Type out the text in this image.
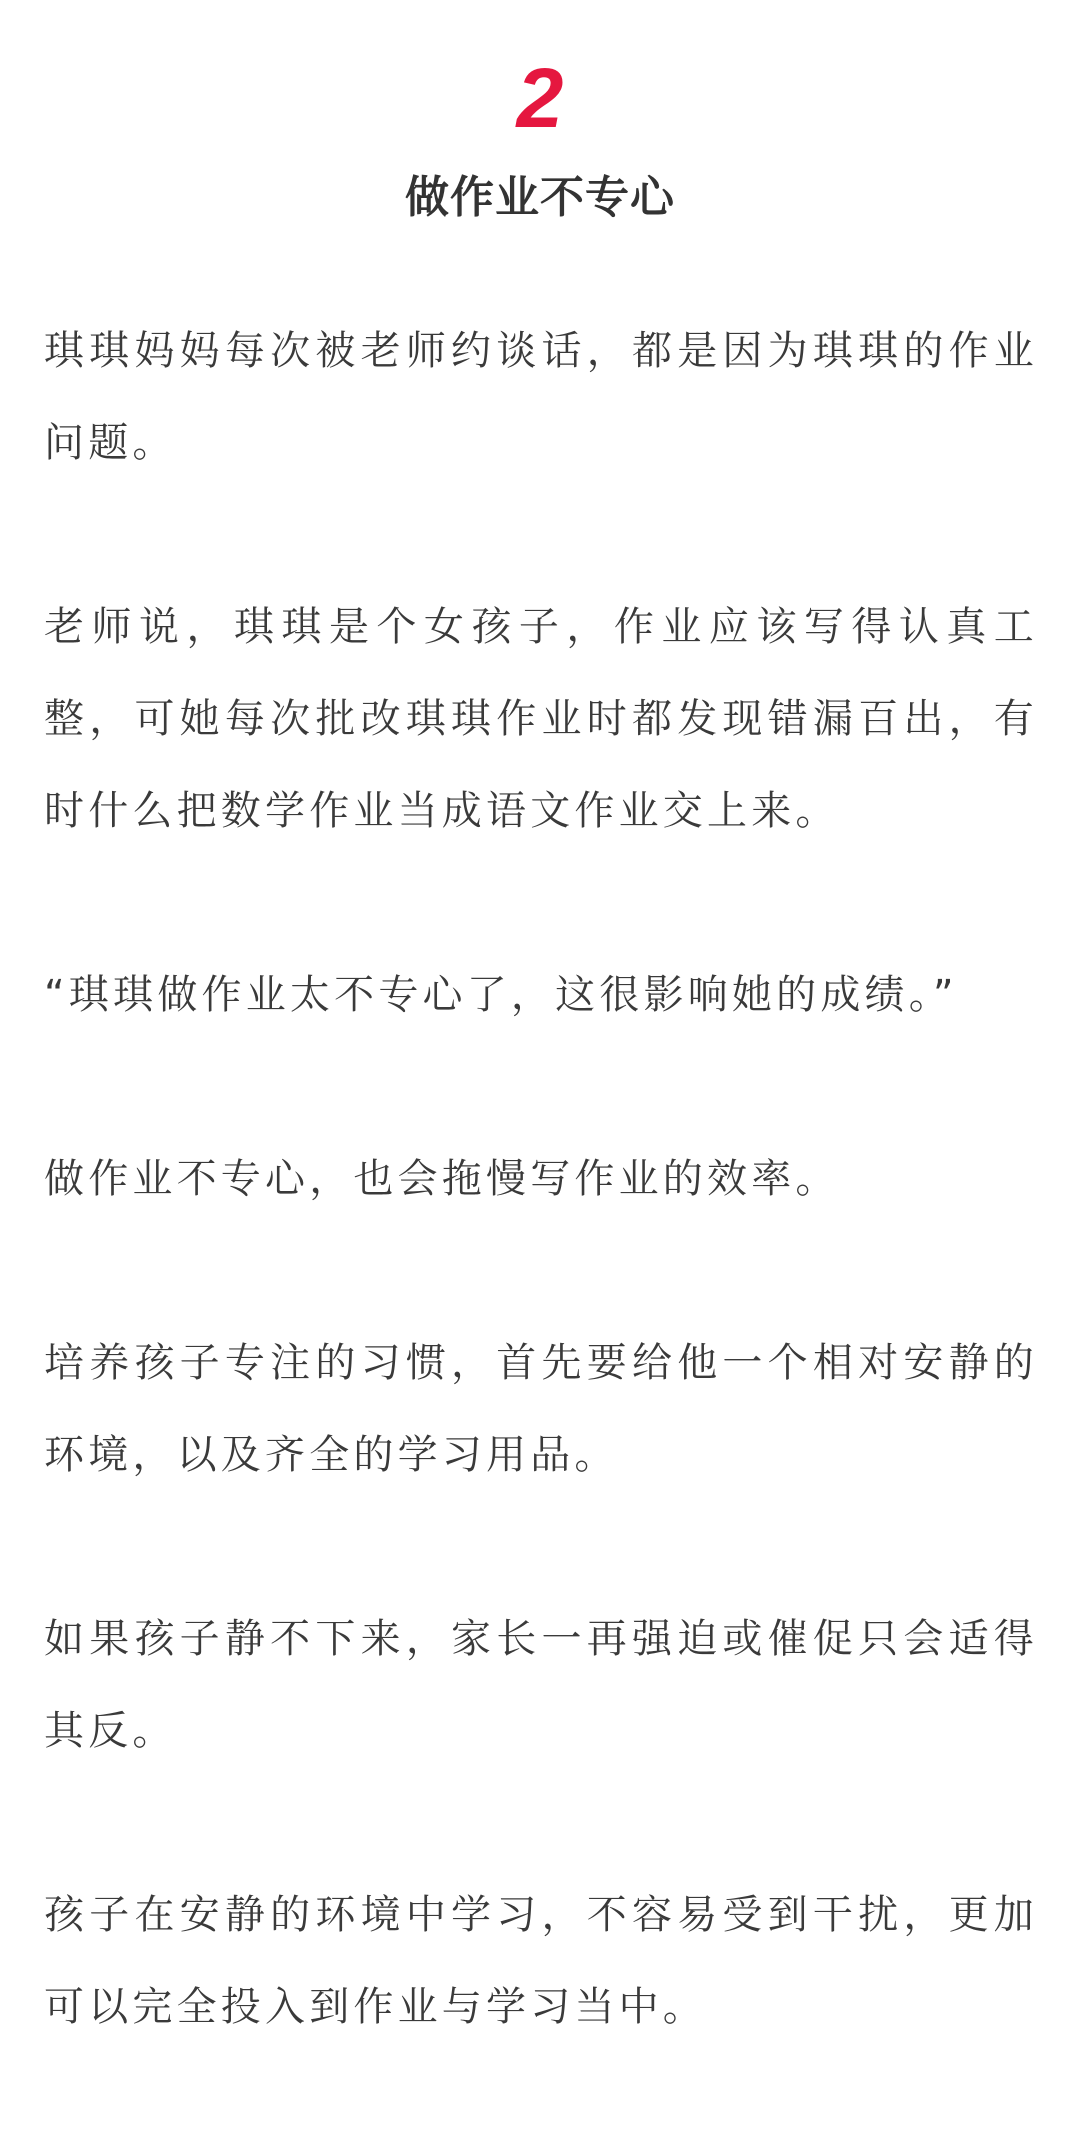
2
做作业不专心

琪琪妈妈每次被老师约谈话，都是因为琪琪的作业问题。

老师说，琪琪是个女孩子，作业应该写得认真工整，可她每次批改琪琪作业时都发现错漏百出，有时什么把数学作业当成语文作业交上来。

“琪琪做作业太不专心了，这很影响她的成绩。”

做作业不专心，也会拖慢写作业的效率。

培养孩子专注的习惯，首先要给他一个相对安静的环境，以及齐全的学习用品。

如果孩子静不下来，家长一再强迫或催促只会适得其反。

孩子在安静的环境中学习，不容易受到干扰，更加可以完全投入到作业与学习当中。
